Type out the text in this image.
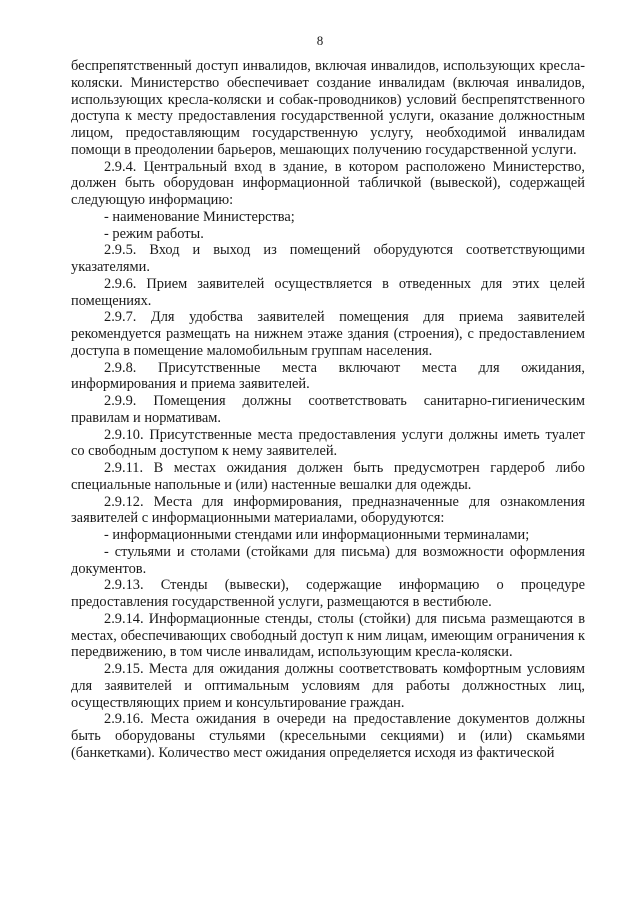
8

беспрепятственный доступ инвалидов, включая инвалидов, использующих кресла-коляски. Министерство обеспечивает создание инвалидам (включая инвалидов, использующих кресла-коляски и собак-проводников) условий беспрепятственного доступа к месту предоставления государственной услуги, оказание должностным лицом, предоставляющим государственную услугу, необходимой инвалидам помощи в преодолении барьеров, мешающих получению государственной услуги.

2.9.4. Центральный вход в здание, в котором расположено Министерство, должен быть оборудован информационной табличкой (вывеской), содержащей следующую информацию:

- наименование Министерства;

- режим работы.

2.9.5. Вход и выход из помещений оборудуются соответствующими указателями.

2.9.6. Прием заявителей осуществляется в отведенных для этих целей помещениях.

2.9.7. Для удобства заявителей помещения для приема заявителей рекомендуется размещать на нижнем этаже здания (строения), с предоставлением доступа в помещение маломобильным группам населения.

2.9.8. Присутственные места включают места для ожидания, информирования и приема заявителей.

2.9.9. Помещения должны соответствовать санитарно-гигиеническим правилам и нормативам.

2.9.10. Присутственные места предоставления услуги должны иметь туалет со свободным доступом к нему заявителей.

2.9.11. В местах ожидания должен быть предусмотрен гардероб либо специальные напольные и (или) настенные вешалки для одежды.

2.9.12. Места для информирования, предназначенные для ознакомления заявителей с информационными материалами, оборудуются:

- информационными стендами или информационными терминалами;

- стульями и столами (стойками для письма) для возможности оформления документов.

2.9.13. Стенды (вывески), содержащие информацию о процедуре предоставления государственной услуги, размещаются в вестибюле.

2.9.14. Информационные стенды, столы (стойки) для письма размещаются в местах, обеспечивающих свободный доступ к ним лицам, имеющим ограничения к передвижению, в том числе инвалидам, использующим кресла-коляски.

2.9.15. Места для ожидания должны соответствовать комфортным условиям для заявителей и оптимальным условиям для работы должностных лиц, осуществляющих прием и консультирование граждан.

2.9.16. Места ожидания в очереди на предоставление документов должны быть оборудованы стульями (кресельными секциями) и (или) скамьями (банкетками). Количество мест ожидания определяется исходя из фактической
